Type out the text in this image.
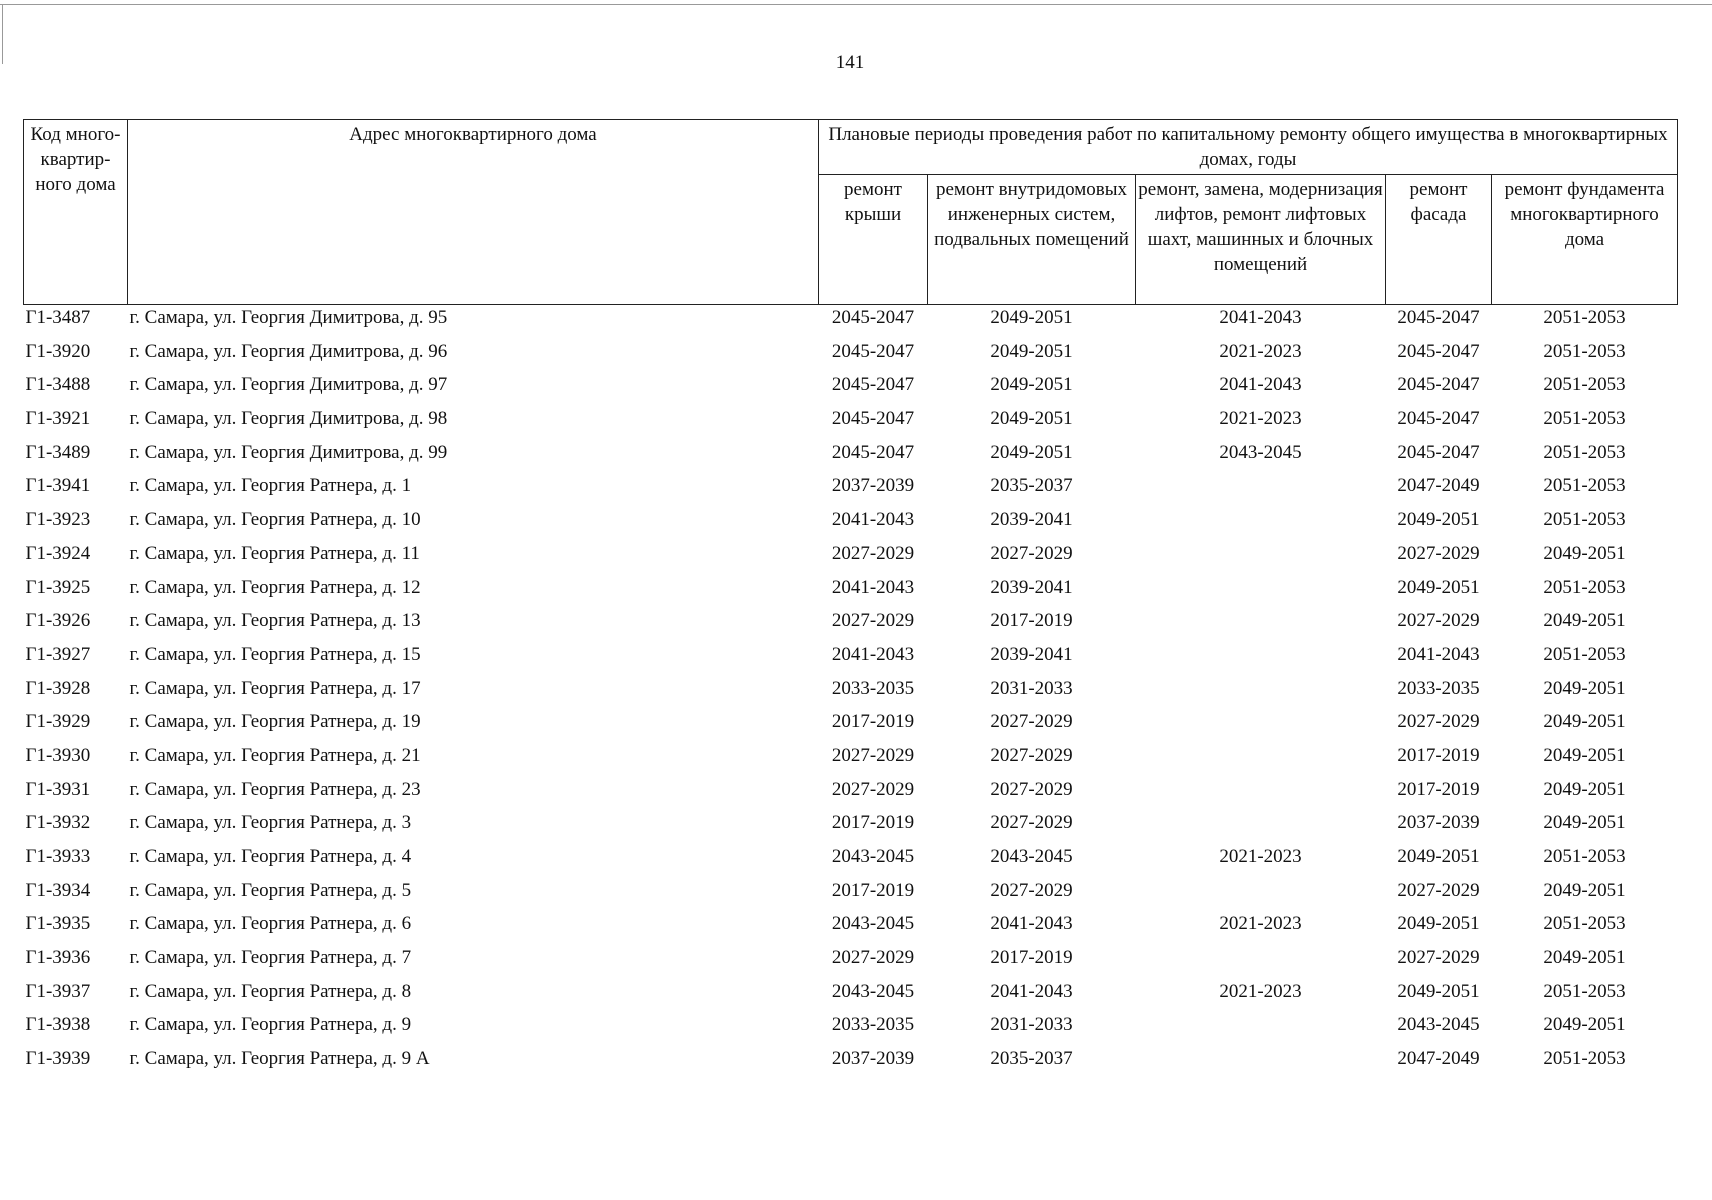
141
Код много-квартир-ного дома	Адрес многоквартирного дома	Плановые периоды проведения работ по капитальному ремонту общего имущества в многоквартирных домах, годы				
		ремонт крыши	ремонт внутридомовых инженерных систем, подвальных помещений	ремонт, замена, модернизация лифтов, ремонт лифтовых шахт, машинных и блочных помещений	ремонт фасада	ремонт фундамента многоквартирного дома
Г1-3487	г. Самара, ул. Георгия Димитрова, д. 95	2045-2047	2049-2051	2041-2043	2045-2047	2051-2053
Г1-3920	г. Самара, ул. Георгия Димитрова, д. 96	2045-2047	2049-2051	2021-2023	2045-2047	2051-2053
Г1-3488	г. Самара, ул. Георгия Димитрова, д. 97	2045-2047	2049-2051	2041-2043	2045-2047	2051-2053
Г1-3921	г. Самара, ул. Георгия Димитрова, д. 98	2045-2047	2049-2051	2021-2023	2045-2047	2051-2053
Г1-3489	г. Самара, ул. Георгия Димитрова, д. 99	2045-2047	2049-2051	2043-2045	2045-2047	2051-2053
Г1-3941	г. Самара, ул. Георгия Ратнера, д. 1	2037-2039	2035-2037		2047-2049	2051-2053
Г1-3923	г. Самара, ул. Георгия Ратнера, д. 10	2041-2043	2039-2041		2049-2051	2051-2053
Г1-3924	г. Самара, ул. Георгия Ратнера, д. 11	2027-2029	2027-2029		2027-2029	2049-2051
Г1-3925	г. Самара, ул. Георгия Ратнера, д. 12	2041-2043	2039-2041		2049-2051	2051-2053
Г1-3926	г. Самара, ул. Георгия Ратнера, д. 13	2027-2029	2017-2019		2027-2029	2049-2051
Г1-3927	г. Самара, ул. Георгия Ратнера, д. 15	2041-2043	2039-2041		2041-2043	2051-2053
Г1-3928	г. Самара, ул. Георгия Ратнера, д. 17	2033-2035	2031-2033		2033-2035	2049-2051
Г1-3929	г. Самара, ул. Георгия Ратнера, д. 19	2017-2019	2027-2029		2027-2029	2049-2051
Г1-3930	г. Самара, ул. Георгия Ратнера, д. 21	2027-2029	2027-2029		2017-2019	2049-2051
Г1-3931	г. Самара, ул. Георгия Ратнера, д. 23	2027-2029	2027-2029		2017-2019	2049-2051
Г1-3932	г. Самара, ул. Георгия Ратнера, д. 3	2017-2019	2027-2029		2037-2039	2049-2051
Г1-3933	г. Самара, ул. Георгия Ратнера, д. 4	2043-2045	2043-2045	2021-2023	2049-2051	2051-2053
Г1-3934	г. Самара, ул. Георгия Ратнера, д. 5	2017-2019	2027-2029		2027-2029	2049-2051
Г1-3935	г. Самара, ул. Георгия Ратнера, д. 6	2043-2045	2041-2043	2021-2023	2049-2051	2051-2053
Г1-3936	г. Самара, ул. Георгия Ратнера, д. 7	2027-2029	2017-2019		2027-2029	2049-2051
Г1-3937	г. Самара, ул. Георгия Ратнера, д. 8	2043-2045	2041-2043	2021-2023	2049-2051	2051-2053
Г1-3938	г. Самара, ул. Георгия Ратнера, д. 9	2033-2035	2031-2033		2043-2045	2049-2051
Г1-3939	г. Самара, ул. Георгия Ратнера, д. 9 А	2037-2039	2035-2037		2047-2049	2051-2053
